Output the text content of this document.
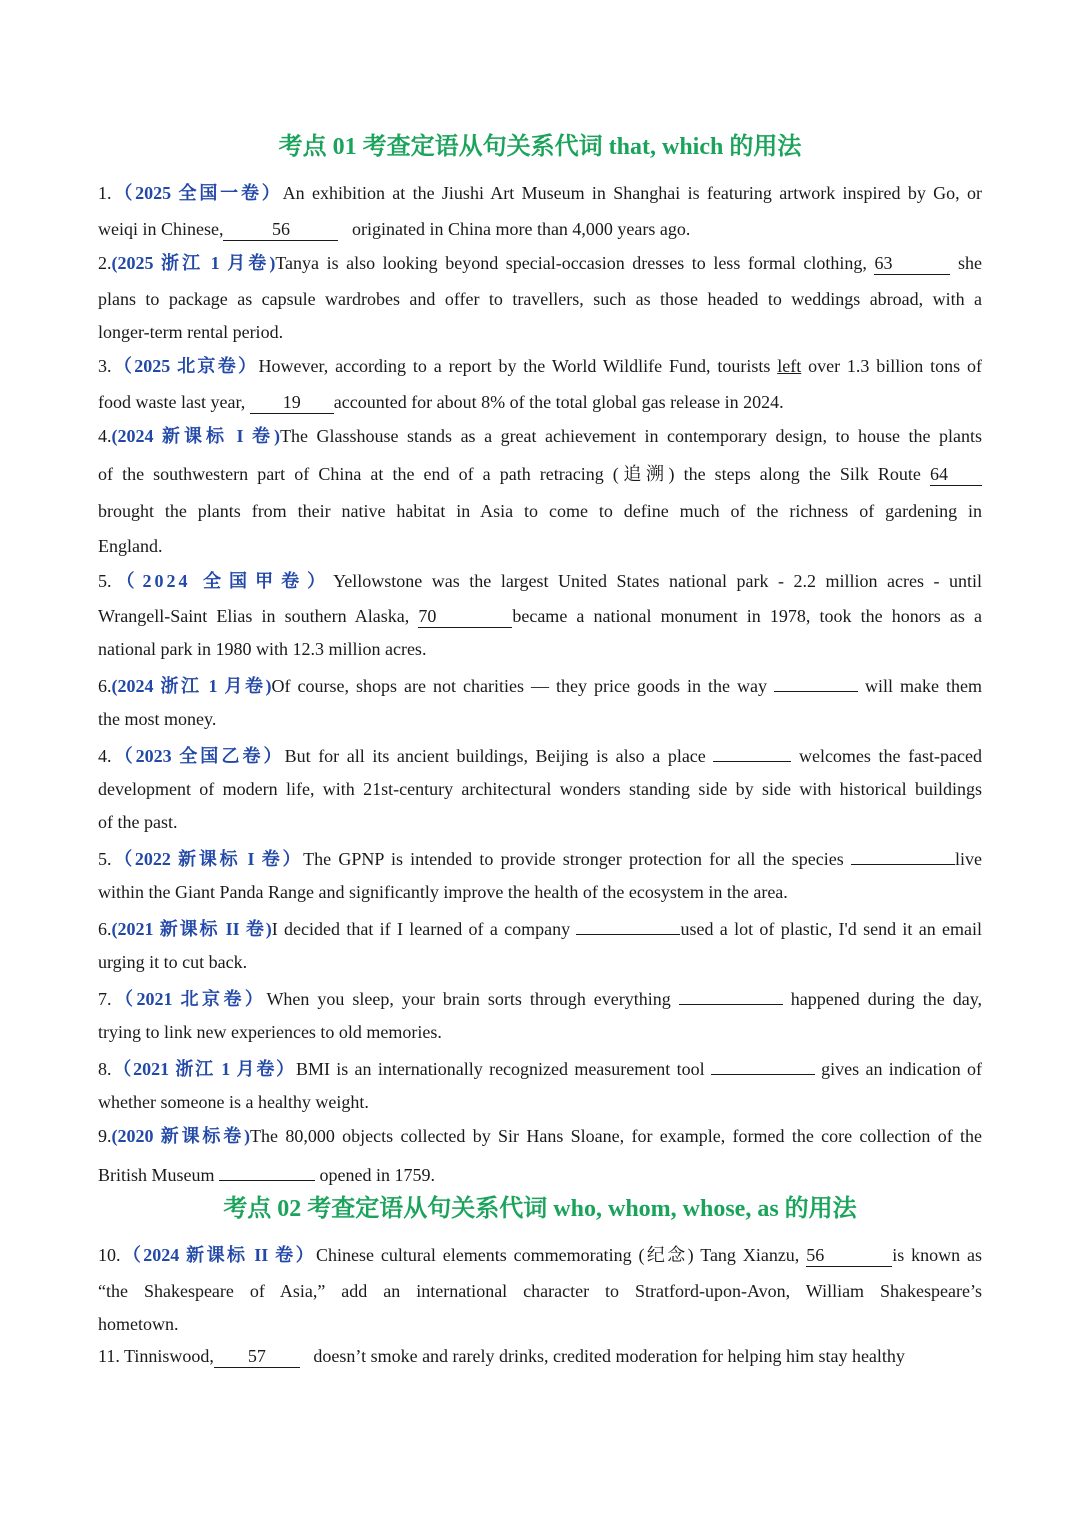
考点 01 考查定语从句关系代词 that, which 的用法
1.（2025 全国一卷）An exhibition at the Jiushi Art Museum in Shanghai is featuring artwork inspired by Go, or
weiqi in Chinese,	56	originated in China more than 4,000 years ago.
2.(2025 浙江 1 月卷)Tanya is also looking beyond special-occasion dresses to less formal clothing, 63	she
plans to package as capsule wardrobes and offer to travellers, such as those headed to weddings abroad, with a
longer-term rental period.
3.（2025 北京卷）However, according to a report by the World Wildlife Fund, tourists left over 1.3 billion tons of
food waste last year, 19 accounted for about 8% of the total global gas release in 2024.
4.(2024 新课标 I 卷)The Glasshouse stands as a great achievement in contemporary design, to house the plants
of the southwestern part of China at the end of a path retracing (追溯) the steps along the Silk Route 64
brought the plants from their native habitat in Asia to come to define much of the richness of gardening in
England.
5.（2024 全国甲卷）Yellowstone was the largest United States national park - 2.2 million acres - until
Wrangell-Saint Elias in southern Alaska, 70	became a national monument in 1978, took the honors as a
national park in 1980 with 12.3 million acres.
6.(2024 浙江 1 月卷)Of course, shops are not charities — they price goods in the way	will make them
the most money.
4.（2023 全国乙卷）But for all its ancient buildings, Beijing is also a place	welcomes the fast-paced
development of modern life, with 21st-century architectural wonders standing side by side with historical buildings
of the past.
5.（2022 新课标 I 卷）The GPNP is intended to provide stronger protection for all the species	live
within the Giant Panda Range and significantly improve the health of the ecosystem in the area.
6.(2021 新课标 II 卷)I decided that if I learned of a company	used a lot of plastic, I'd send it an email
urging it to cut back.
7.（2021 北京卷）When you sleep, your brain sorts through everything	happened during the day,
trying to link new experiences to old memories.
8.（2021 浙江 1 月卷）BMI is an internationally recognized measurement tool	gives an indication of
whether someone is a healthy weight.
9.(2020 新课标卷)The 80,000 objects collected by Sir Hans Sloane, for example, formed the core collection of the
British Museum	opened in 1759.
考点 02 考查定语从句关系代词 who, whom, whose, as 的用法
10.（2024 新课标 II 卷）Chinese cultural elements commemorating (纪念) Tang Xianzu, 56	is known as
“the Shakespeare of Asia,” add an international character to Stratford-upon-Avon, William Shakespeare’s
hometown.
11. Tinniswood, 57	doesn’t smoke and rarely drinks, credited moderation for helping him stay healthy
